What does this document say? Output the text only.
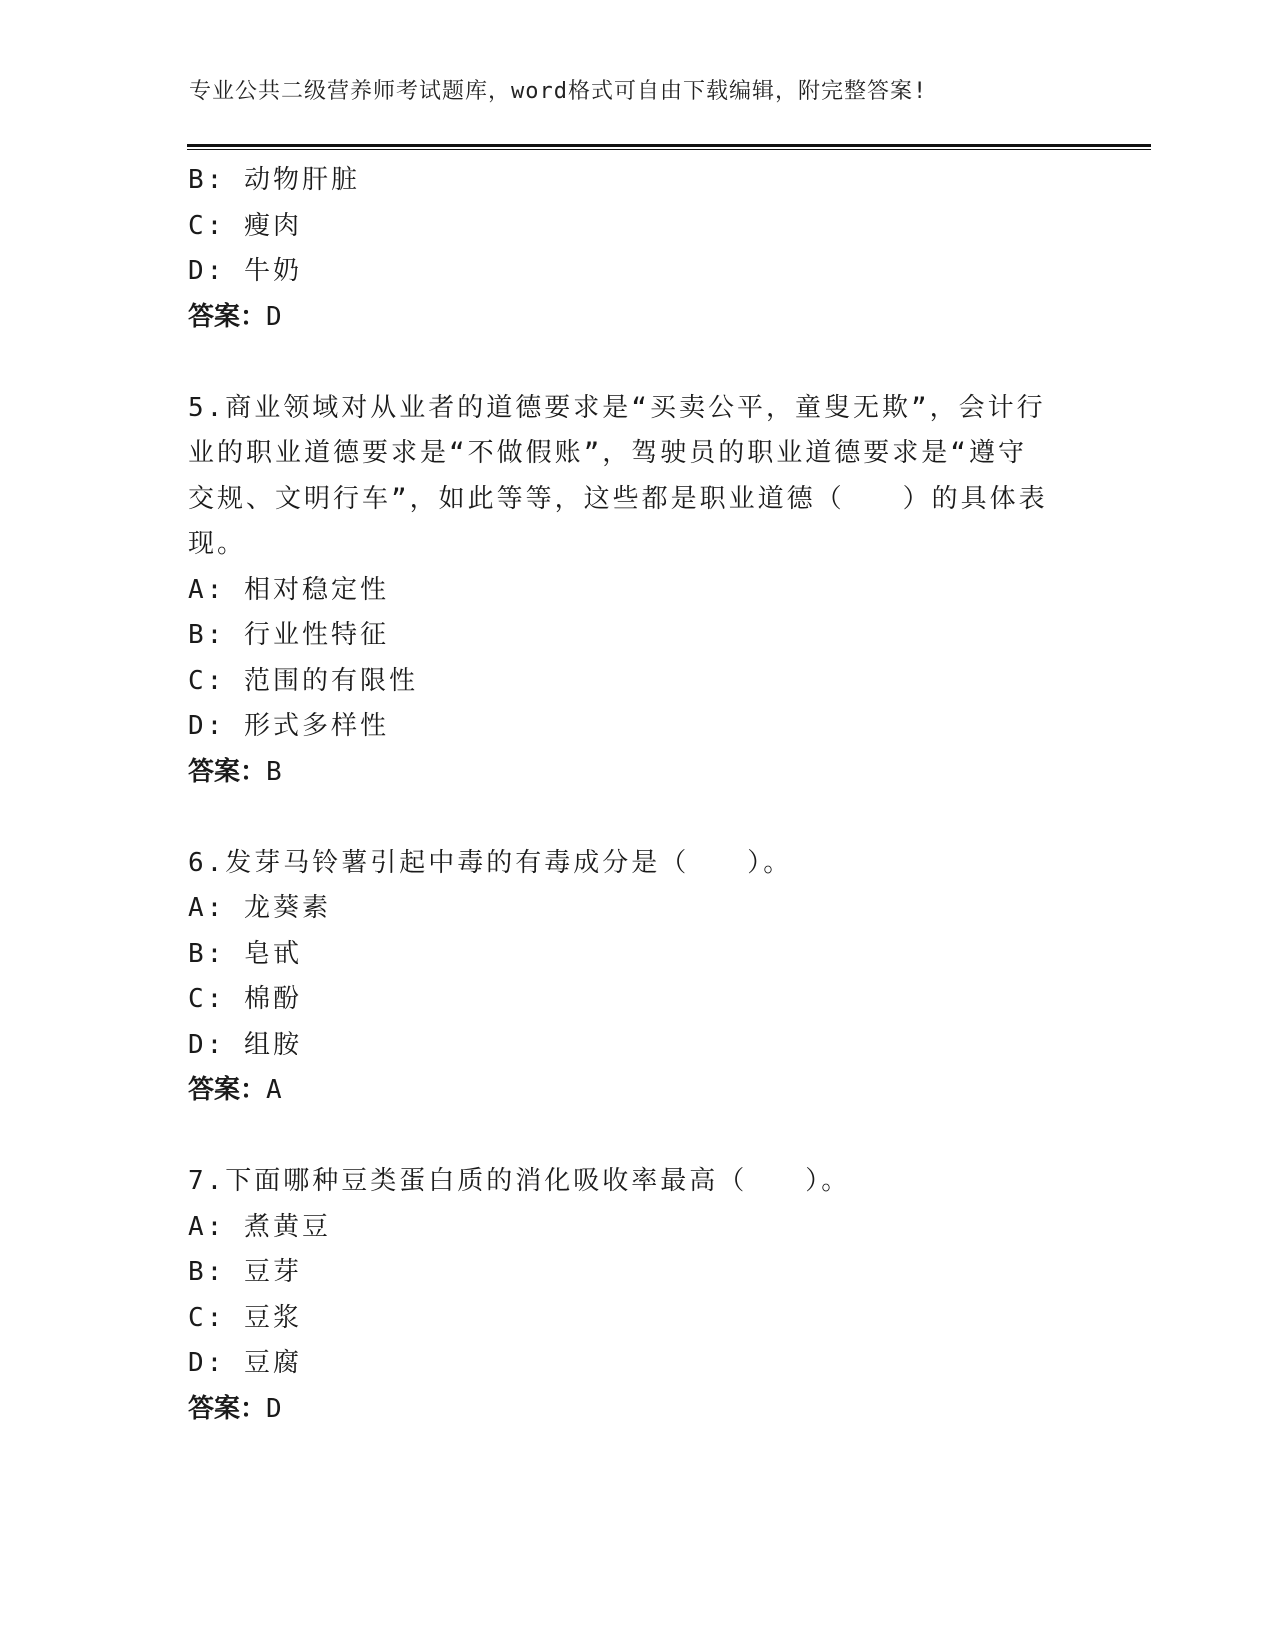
专业公共二级营养师考试题库，word格式可自由下载编辑，附完整答案!
B: 动物肝脏
C: 瘦肉
D: 牛奶
答案：D
5.商业领域对从业者的道德要求是“买卖公平，童叟无欺”，会计行
业的职业道德要求是“不做假账”，驾驶员的职业道德要求是“遵守
交规、文明行车”，如此等等，这些都是职业道德（　　）的具体表
现。
A: 相对稳定性
B: 行业性特征
C: 范围的有限性
D: 形式多样性
答案：B
6.发芽马铃薯引起中毒的有毒成分是（　　）。
A: 龙葵素
B: 皂甙
C: 棉酚
D: 组胺
答案：A
7.下面哪种豆类蛋白质的消化吸收率最高（　　）。
A: 煮黄豆
B: 豆芽
C: 豆浆
D: 豆腐
答案：D
